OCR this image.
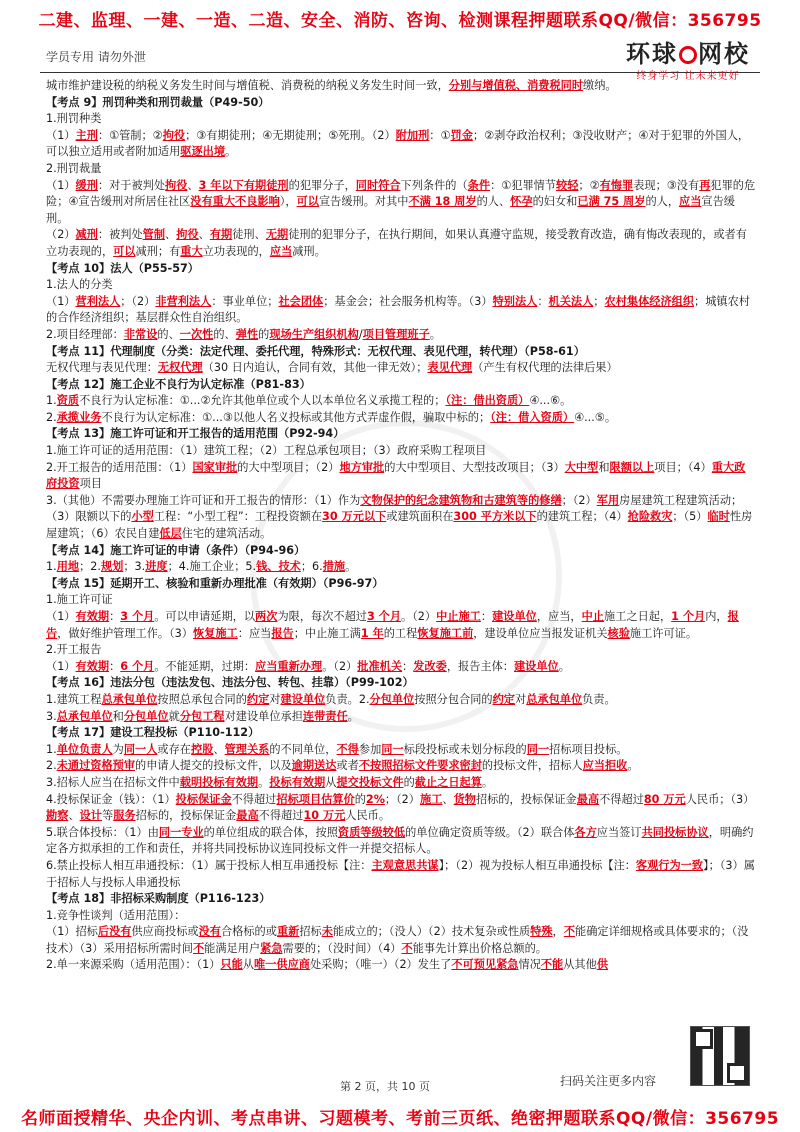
二建、监理、一建、一造、二造、安全、消防、咨询、检测课程押题联系QQ/微信：356795
学员专用 请勿外泄	环球 网校
终身学习 让未来更好

城市维护建设税的纳税义务发生时间与增值税、消费税的纳税义务发生时间一致，分别与增值税、消费税同时缴纳。

【考点 9】刑罚种类和刑罚裁量（P49-50）

1.刑罚种类

（1）主刑：①管制；②拘役；③有期徒刑；④无期徒刑；⑤死刑。（2）附加刑：①罚金；②剥夺政治权利；③没收财产；④对于犯罪的外国人，可以独立适用或者附加适用驱逐出境。

2.刑罚裁量

（1）缓刑：对于被判处拘役、3 年以下有期徒刑的犯罪分子，同时符合下列条件的（条件：①犯罪情节较轻；②有悔罪表现；③没有再犯罪的危险；④宣告缓刑对所居住社区没有重大不良影响），可以宣告缓刑。对其中不满 18 周岁的人、怀孕的妇女和已满 75 周岁的人，应当宣告缓刑。

（2）减刑：被判处管制、拘役、有期徒刑、无期徒刑的犯罪分子，在执行期间，如果认真遵守监规，接受教育改造，确有悔改表现的，或者有立功表现的，可以减刑；有重大立功表现的，应当减刑。

【考点 10】法人（P55-57）

1.法人的分类

（1）营利法人；（2）非营利法人：事业单位；社会团体；基金会；社会服务机构等。（3）特别法人：机关法人；农村集体经济组织；城镇农村的合作经济组织；基层群众性自治组织。

2.项目经理部：非常设的、一次性的、弹性的现场生产组织机构/项目管理班子。

【考点 11】代理制度（分类：法定代理、委托代理，特殊形式：无权代理、表见代理，转代理）（P58-61）

无权代理与表见代理：无权代理（30 日内追认，合同有效，其他一律无效）；表见代理（产生有权代理的法律后果）

【考点 12】施工企业不良行为认定标准（P81-83）

1.资质不良行为认定标准：①...②允许其他单位或个人以本单位名义承揽工程的；（注：借出资质）④...⑥。

2.承揽业务不良行为认定标准：①...③以他人名义投标或其他方式弄虚作假，骗取中标的；（注：借入资质）④...⑤。

【考点 13】施工许可证和开工报告的适用范围（P92-94）

1.施工许可证的适用范围：（1）建筑工程；（2）工程总承包项目；（3）政府采购工程项目

2.开工报告的适用范围：（1）国家审批的大中型项目；（2）地方审批的大中型项目、大型技改项目；（3）大中型和限额以上项目；（4）重大政府投资项目

3.（其他）不需要办理施工许可证和开工报告的情形：（1）作为文物保护的纪念建筑物和古建筑等的修缮；（2）军用房屋建筑工程建筑活动；（3）限额以下的小型工程：“小型工程”：工程投资额在30 万元以下或建筑面积在300 平方米以下的建筑工程；（4）抢险救灾；（5）临时性房屋建筑；（6）农民自建低层住宅的建筑活动。

【考点 14】施工许可证的申请（条件）（P94-96）

1.用地；2.规划；3.进度；4.施工企业；5.钱、技术；6.措施。

【考点 15】延期开工、核验和重新办理批准（有效期）（P96-97）

1.施工许可证

（1）有效期：3 个月。可以申请延期，以两次为限，每次不超过3 个月。（2）中止施工：建设单位，应当，中止施工之日起，1 个月内，报告，做好维护管理工作。（3）恢复施工：应当报告；中止施工满1 年的工程恢复施工前，建设单位应当报发证机关核验施工许可证。

2.开工报告

（1）有效期：6 个月。不能延期，过期：应当重新办理。（2）批准机关：发改委，报告主体：建设单位。

【考点 16】违法分包（违法发包、违法分包、转包、挂靠）（P99-102）

1.建筑工程总承包单位按照总承包合同的约定对建设单位负责。2.分包单位按照分包合同的约定对总承包单位负责。

3.总承包单位和分包单位就分包工程对建设单位承担连带责任。

【考点 17】建设工程投标（P110-112）

1.单位负责人为同一人或存在控股、管理关系的不同单位，不得参加同一标段投标或未划分标段的同一招标项目投标。

2.未通过资格预审的申请人提交的投标文件，以及逾期送达或者不按照招标文件要求密封的投标文件，招标人应当拒收。

3.招标人应当在招标文件中载明投标有效期。投标有效期从提交投标文件的截止之日起算。

4.投标保证金（钱）：（1）投标保证金不得超过招标项目估算价的2%；（2）施工、货物招标的，投标保证金最高不得超过80 万元人民币；（3）勘察、设计等服务招标的，投标保证金最高不得超过10 万元人民币。

5.联合体投标：（1）由同一专业的单位组成的联合体，按照资质等级较低的单位确定资质等级。（2）联合体各方应当签订共同投标协议，明确约定各方拟承担的工作和责任，并将共同投标协议连同投标文件一并提交招标人。

6.禁止投标人相互串通投标：（1）属于投标人相互串通投标【注：主观意思共谋】；（2）视为投标人相互串通投标【注：客观行为一致】；（3）属于招标人与投标人串通投标

【考点 18】非招标采购制度（P116-123）

1.竞争性谈判（适用范围）：

（1）招标后没有供应商投标或没有合格标的或重新招标未能成立的；（没人）（2）技术复杂或性质特殊，不能确定详细规格或具体要求的；（没技术）（3）采用招标所需时间不能满足用户紧急需要的；（没时间）（4）不能事先计算出价格总额的。

2.单一来源采购（适用范围）：（1）只能从唯一供应商处采购；（唯一）（2）发生了不可预见紧急情况不能从其他供

第 2 页，共 10 页	扫码关注更多内容
名师面授精华、央企内训、考点串讲、习题模考、考前三页纸、绝密押题联系QQ/微信：356795
